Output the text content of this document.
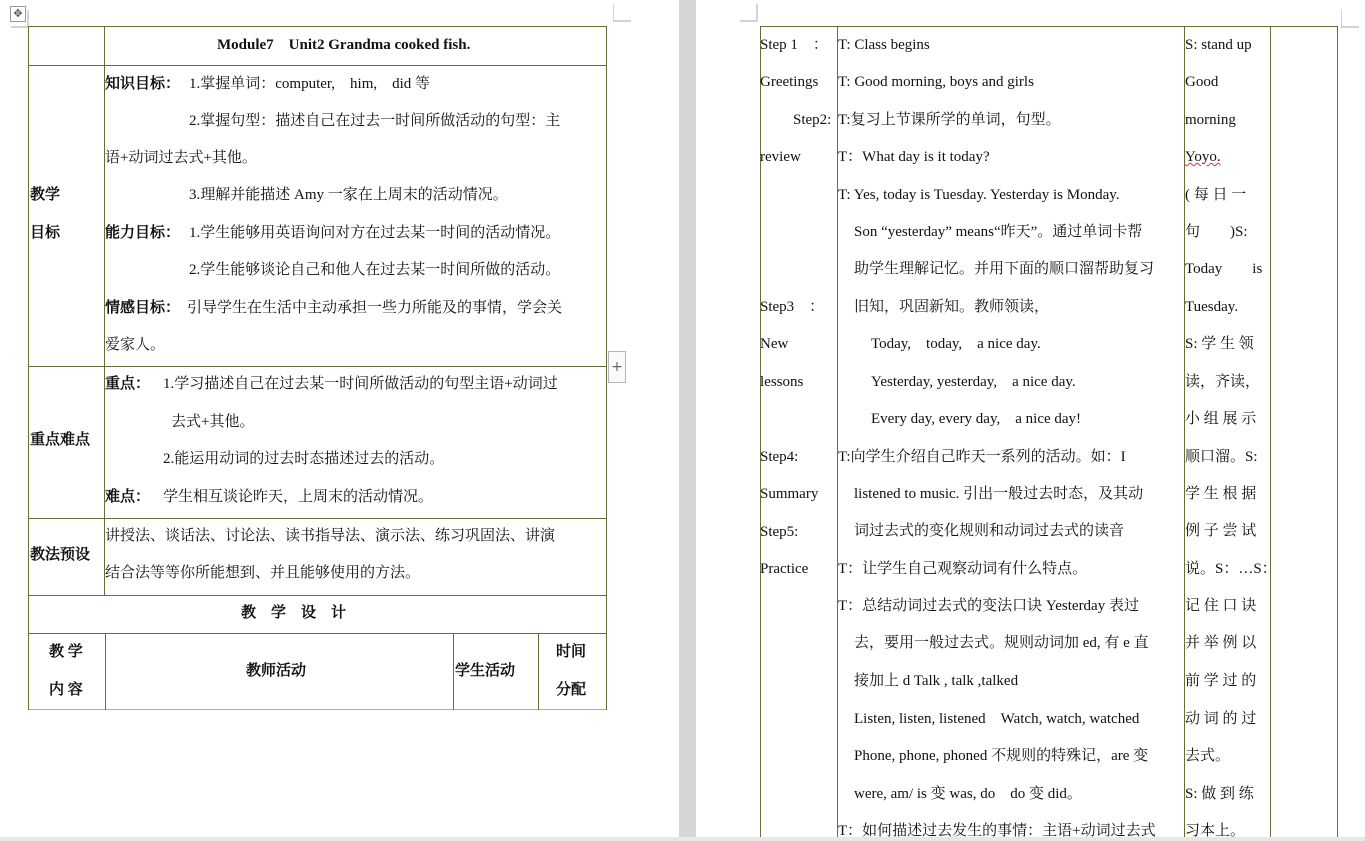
✥
Module7　Unit2 Grandma cooked fish.
教学
目标
知识目标： 1.掌握单词：computer,　him,　did 等
2.掌握句型：描述自己在过去一时间所做活动的句型：主
语+动词过去式+其他。
3.理解并能描述 Amy 一家在上周末的活动情况。
能力目标： 1.学生能够用英语询问对方在过去某一时间的活动情况。
2.学生能够谈论自己和他人在过去某一时间所做的活动。
情感目标： 引导学生在生活中主动承担一些力所能及的事情，学会关
爱家人。
重点难点
重点： 1.学习描述自己在过去某一时间所做活动的句型主语+动词过
去式+其他。
2.能运用动词的过去时态描述过去的活动。
难点： 学生相互谈论昨天，上周末的活动情况。
教法预设
讲授法、谈话法、讨论法、读书指导法、演示法、练习巩固法、讲演
结合法等等你所能想到、并且能够使用的方法。
教　学　设　计
教 学
内 容
教师活动	学生活动
时间
分配
+
Step 1　：
Greetings
Step2:
review
Step3　：
New
lessons
Step4:
Summary
Step5:
Practice
T: Class begins
T: Good morning, boys and girls
T:复习上节课所学的单词，句型。
T：What day is it today?
T: Yes, today is Tuesday. Yesterday is Monday.
Son “yesterday” means“昨天”。通过单词卡帮
助学生理解记忆。并用下面的顺口溜帮助复习
旧知，巩固新知。教师领读，
Today,　today,　a nice day.
Yesterday, yesterday,　a nice day.
Every day, every day,　a nice day!
T:向学生介绍自己昨天一系列的活动。如：I
listened to music. 引出一般过去时态，及其动
词过去式的变化规则和动词过去式的读音
T：让学生自己观察动词有什么特点。
T：总结动词过去式的变法口诀 Yesterday 表过
去，要用一般过去式。规则动词加 ed, 有 e 直
接加上 d Talk , talk ,talked
Listen, listen, listened　Watch, watch, watched
Phone, phone, phoned 不规则的特殊记，are 变
were, am/ is 变 was, do　do 变 did。
T：如何描述过去发生的事情：主语+动词过去式
S: stand up
Good
morning
Yoyo.
( 每 日 一
句　　)S:
Today　　is
Tuesday.
S: 学 生 领
读，齐读，
小 组 展 示
顺口溜。S:
学 生 根 据
例 子 尝 试
说。S：…S：
记 住 口 诀
并 举 例 以
前 学 过 的
动 词 的 过
去式。
S: 做 到 练
习本上。
